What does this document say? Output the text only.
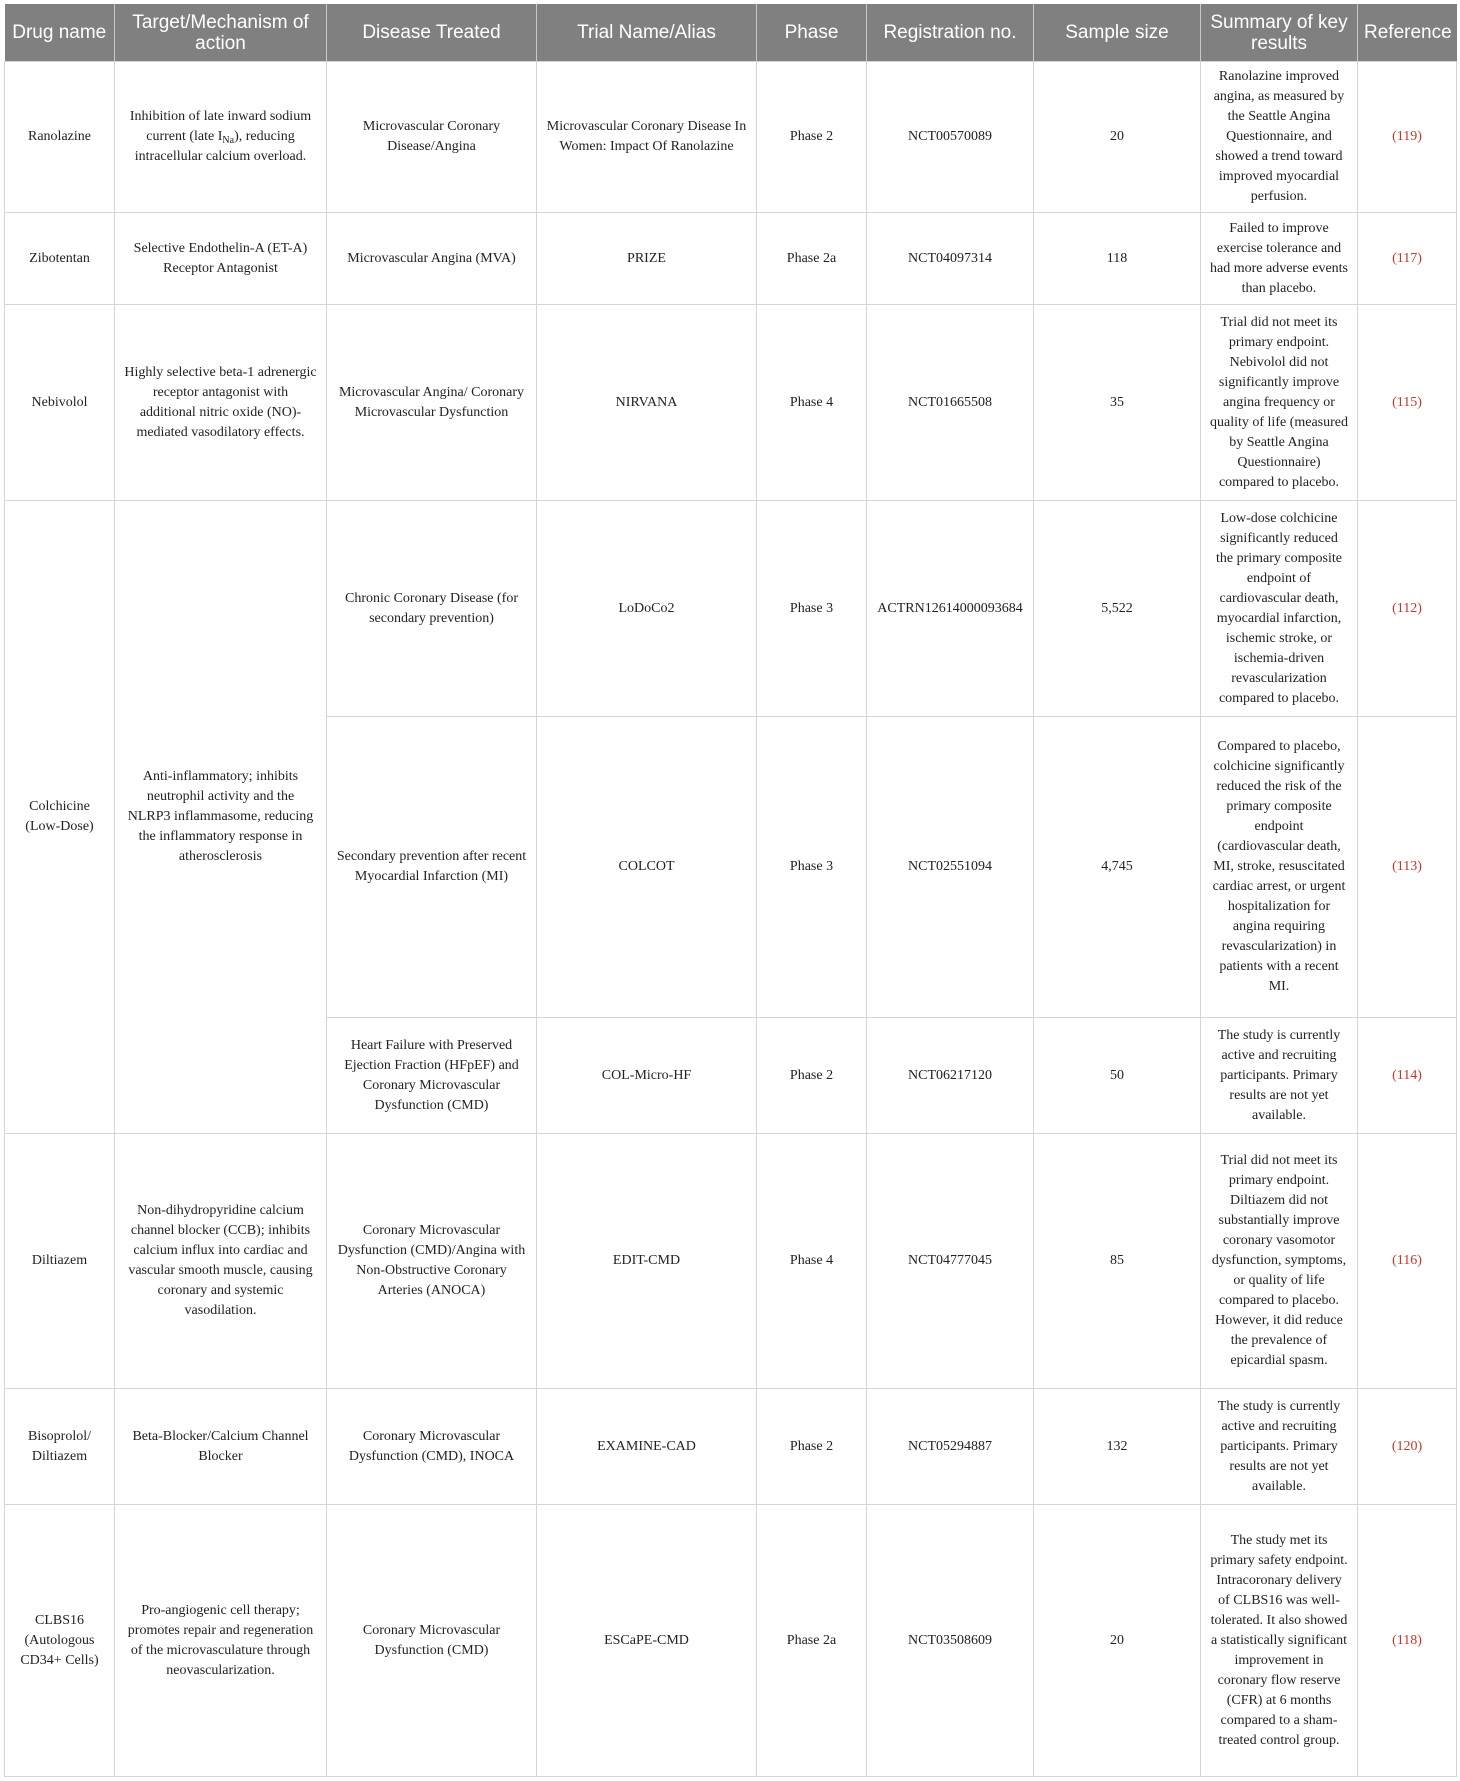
Drug name	Target/Mechanism of action	Disease Treated	Trial Name/Alias	Phase	Registration no.	Sample size	Summary of key results	Reference
Ranolazine	Inhibition of late inward sodium current (late $I_{Na}$), reducing intracellular calcium overload.	Microvascular Coronary Disease/Angina	Microvascular Coronary Disease In Women: Impact Of Ranolazine	Phase 2	NCT00570089	20	Ranolazine improved angina, as measured by the Seattle Angina Questionnaire, and showed a trend toward improved myocardial perfusion.	(119)
Zibotentan	Selective Endothelin-A (ET-A) Receptor Antagonist	Microvascular Angina (MVA)	PRIZE	Phase 2a	NCT04097314	118	Failed to improve exercise tolerance and had more adverse events than placebo.	(117)
Nebivolol	Highly selective beta-1 adrenergic receptor antagonist with additional nitric oxide (NO)-mediated vasodilatory effects.	Microvascular Angina/ Coronary Microvascular Dysfunction	NIRVANA	Phase 4	NCT01665508	35	Trial did not meet its primary endpoint. Nebivolol did not significantly improve angina frequency or quality of life (measured by Seattle Angina Questionnaire) compared to placebo.	(115)
Colchicine (Low-Dose)	Anti-inflammatory; inhibits neutrophil activity and the NLRP3 inflammasome, reducing the inflammatory response in atherosclerosis	Chronic Coronary Disease (for secondary prevention)	LoDoCo2	Phase 3	ACTRN12614000093684	5,522	Low-dose colchicine significantly reduced the primary composite endpoint of cardiovascular death, myocardial infarction, ischemic stroke, or ischemia-driven revascularization compared to placebo.	(112)
		Secondary prevention after recent Myocardial Infarction (MI)	COLCOT	Phase 3	NCT02551094	4,745	Compared to placebo, colchicine significantly reduced the risk of the primary composite endpoint (cardiovascular death, MI, stroke, resuscitated cardiac arrest, or urgent hospitalization for angina requiring revascularization) in patients with a recent MI.	(113)
		Heart Failure with Preserved Ejection Fraction (HFpEF) and Coronary Microvascular Dysfunction (CMD)	COL-Micro-HF	Phase 2	NCT06217120	50	The study is currently active and recruiting participants. Primary results are not yet available.	(114)
Diltiazem	Non-dihydropyridine calcium channel blocker (CCB); inhibits calcium influx into cardiac and vascular smooth muscle, causing coronary and systemic vasodilation.	Coronary Microvascular Dysfunction (CMD)/Angina with Non-Obstructive Coronary Arteries (ANOCA)	EDIT-CMD	Phase 4	NCT04777045	85	Trial did not meet its primary endpoint. Diltiazem did not substantially improve coronary vasomotor dysfunction, symptoms, or quality of life compared to placebo. However, it did reduce the prevalence of epicardial spasm.	(116)
Bisoprolol/ Diltiazem	Beta-Blocker/Calcium Channel Blocker	Coronary Microvascular Dysfunction (CMD), INOCA	EXAMINE-CAD	Phase 2	NCT05294887	132	The study is currently active and recruiting participants. Primary results are not yet available.	(120)
CLBS16 (Autologous CD34+ Cells)	Pro-angiogenic cell therapy; promotes repair and regeneration of the microvasculature through neovascularization.	Coronary Microvascular Dysfunction (CMD)	ESCaPE-CMD	Phase 2a	NCT03508609	20	The study met its primary safety endpoint. Intracoronary delivery of CLBS16 was well-tolerated. It also showed a statistically significant improvement in coronary flow reserve (CFR) at 6 months compared to a sham-treated control group.	(118)
